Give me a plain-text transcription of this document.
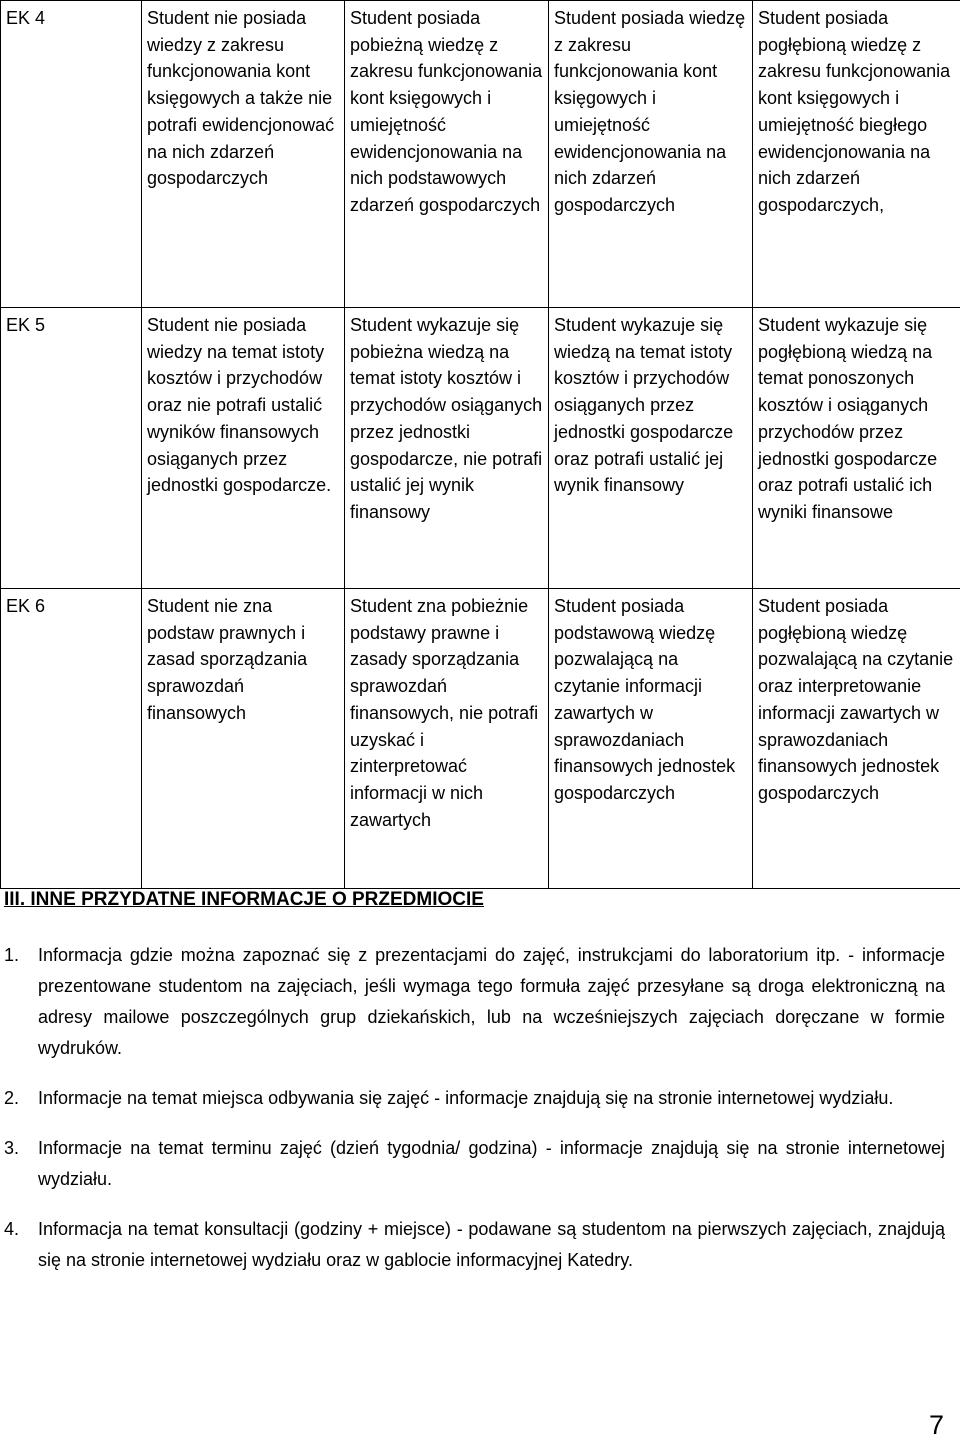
EK 4	Student nie posiada wiedzy z zakresu funkcjonowania kont księgowych a także nie potrafi ewidencjonować na nich zdarzeń gospodarczych	Student posiada pobieżną wiedzę z zakresu funkcjonowania kont księgowych i umiejętność ewidencjonowania na nich podstawowych zdarzeń gospodarczych	Student posiada wiedzę z zakresu funkcjonowania kont księgowych i umiejętność ewidencjonowania na nich zdarzeń gospodarczych	Student posiada pogłębioną wiedzę z zakresu funkcjonowania kont księgowych i umiejętność biegłego ewidencjonowania na nich zdarzeń gospodarczych,
EK 5	Student nie posiada wiedzy na temat istoty kosztów i przychodów oraz nie potrafi ustalić wyników finansowych osiąganych przez jednostki gospodarcze.	Student wykazuje się pobieżna wiedzą na temat istoty kosztów i przychodów osiąganych przez jednostki gospodarcze, nie potrafi ustalić jej wynik finansowy	Student wykazuje się wiedzą na temat istoty kosztów i przychodów osiąganych przez jednostki gospodarcze oraz potrafi ustalić jej wynik finansowy	Student wykazuje się pogłębioną wiedzą na temat ponoszonych kosztów i osiąganych przychodów przez jednostki gospodarcze oraz potrafi ustalić ich wyniki finansowe
EK 6	Student nie zna podstaw prawnych i zasad sporządzania sprawozdań finansowych	Student zna pobieżnie podstawy prawne i zasady sporządzania sprawozdań finansowych, nie potrafi uzyskać i zinterpretować informacji w nich zawartych	Student posiada podstawową wiedzę pozwalającą na czytanie informacji zawartych w sprawozdaniach finansowych jednostek gospodarczych	Student posiada pogłębioną wiedzę pozwalającą na czytanie oraz interpretowanie informacji zawartych w sprawozdaniach finansowych jednostek gospodarczych
III. INNE PRZYDATNE INFORMACJE O PRZEDMIOCIE
1. Informacja gdzie można zapoznać się z prezentacjami do zajęć, instrukcjami do laboratorium itp. - informacje prezentowane studentom na zajęciach, jeśli wymaga tego formuła zajęć przesyłane są droga elektroniczną na adresy mailowe poszczególnych grup dziekańskich, lub na wcześniejszych zajęciach doręczane w formie wydruków.
2. Informacje na temat miejsca odbywania się zajęć - informacje znajdują się na stronie internetowej wydziału.
3. Informacje na temat terminu zajęć (dzień tygodnia/ godzina) - informacje znajdują się na stronie internetowej wydziału.
4. Informacja na temat konsultacji (godziny + miejsce) - podawane są studentom na pierwszych zajęciach, znajdują się na stronie internetowej wydziału oraz w gablocie informacyjnej Katedry.
7
